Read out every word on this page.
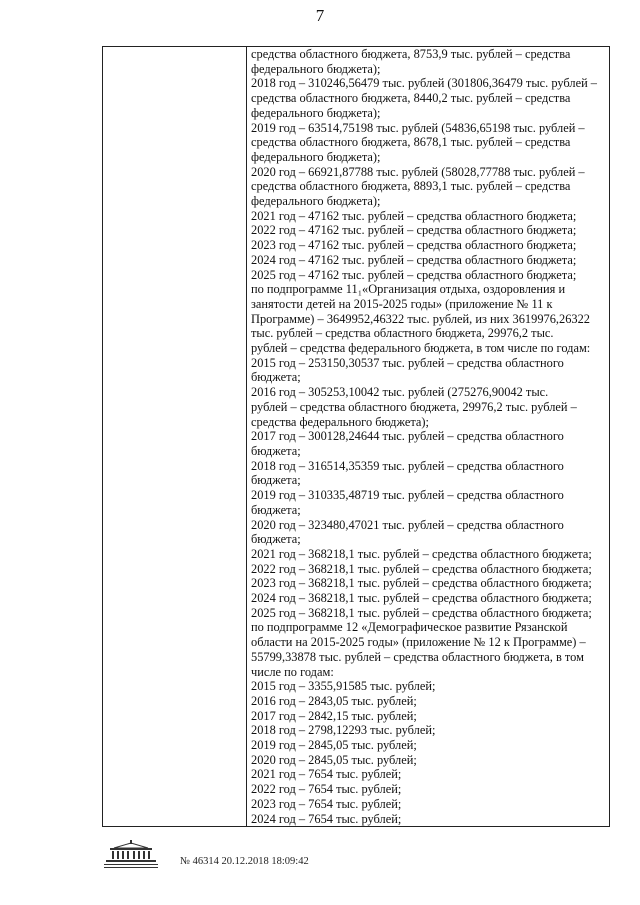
7
средства областного бюджета, 8753,9 тыс. рублей – средства
федерального бюджета);
2018 год – 310246,56479 тыс. рублей (301806,36479 тыс. рублей –
средства областного бюджета, 8440,2 тыс. рублей – средства
федерального бюджета);
2019 год – 63514,75198 тыс. рублей (54836,65198 тыс. рублей –
средства областного бюджета, 8678,1 тыс. рублей – средства
федерального бюджета);
2020 год – 66921,87788 тыс. рублей (58028,77788 тыс. рублей –
средства областного бюджета, 8893,1 тыс. рублей – средства
федерального бюджета);
2021 год – 47162 тыс. рублей – средства областного бюджета;
2022 год – 47162 тыс. рублей – средства областного бюджета;
2023 год – 47162 тыс. рублей – средства областного бюджета;
2024 год – 47162 тыс. рублей – средства областного бюджета;
2025 год – 47162 тыс. рублей – средства областного бюджета;
по подпрограмме 11₁«Организация отдыха, оздоровления и
занятости детей на 2015-2025 годы» (приложение № 11 к
Программе) – 3649952,46322 тыс. рублей, из них 3619976,26322
тыс. рублей – средства областного бюджета, 29976,2 тыс.
рублей – средства федерального бюджета, в том числе по годам:
2015 год – 253150,30537 тыс. рублей – средства областного
бюджета;
2016 год – 305253,10042 тыс. рублей (275276,90042 тыс.
рублей – средства областного бюджета, 29976,2 тыс. рублей –
средства федерального бюджета);
2017 год – 300128,24644 тыс. рублей – средства областного
бюджета;
2018 год – 316514,35359 тыс. рублей – средства областного
бюджета;
2019 год – 310335,48719 тыс. рублей – средства областного
бюджета;
2020 год – 323480,47021 тыс. рублей – средства областного
бюджета;
2021 год – 368218,1 тыс. рублей – средства областного бюджета;
2022 год – 368218,1 тыс. рублей – средства областного бюджета;
2023 год – 368218,1 тыс. рублей – средства областного бюджета;
2024 год – 368218,1 тыс. рублей – средства областного бюджета;
2025 год – 368218,1 тыс. рублей – средства областного бюджета;
по подпрограмме 12 «Демографическое развитие Рязанской
области на 2015-2025 годы» (приложение № 12 к Программе) –
55799,33878 тыс. рублей – средства областного бюджета, в том
числе по годам:
2015 год – 3355,91585 тыс. рублей;
2016 год – 2843,05 тыс. рублей;
2017 год – 2842,15 тыс. рублей;
2018 год – 2798,12293 тыс. рублей;
2019 год – 2845,05 тыс. рублей;
2020 год – 2845,05 тыс. рублей;
2021 год – 7654 тыс. рублей;
2022 год – 7654 тыс. рублей;
2023 год – 7654 тыс. рублей;
2024 год – 7654 тыс. рублей;
№ 46314 20.12.2018 18:09:42
